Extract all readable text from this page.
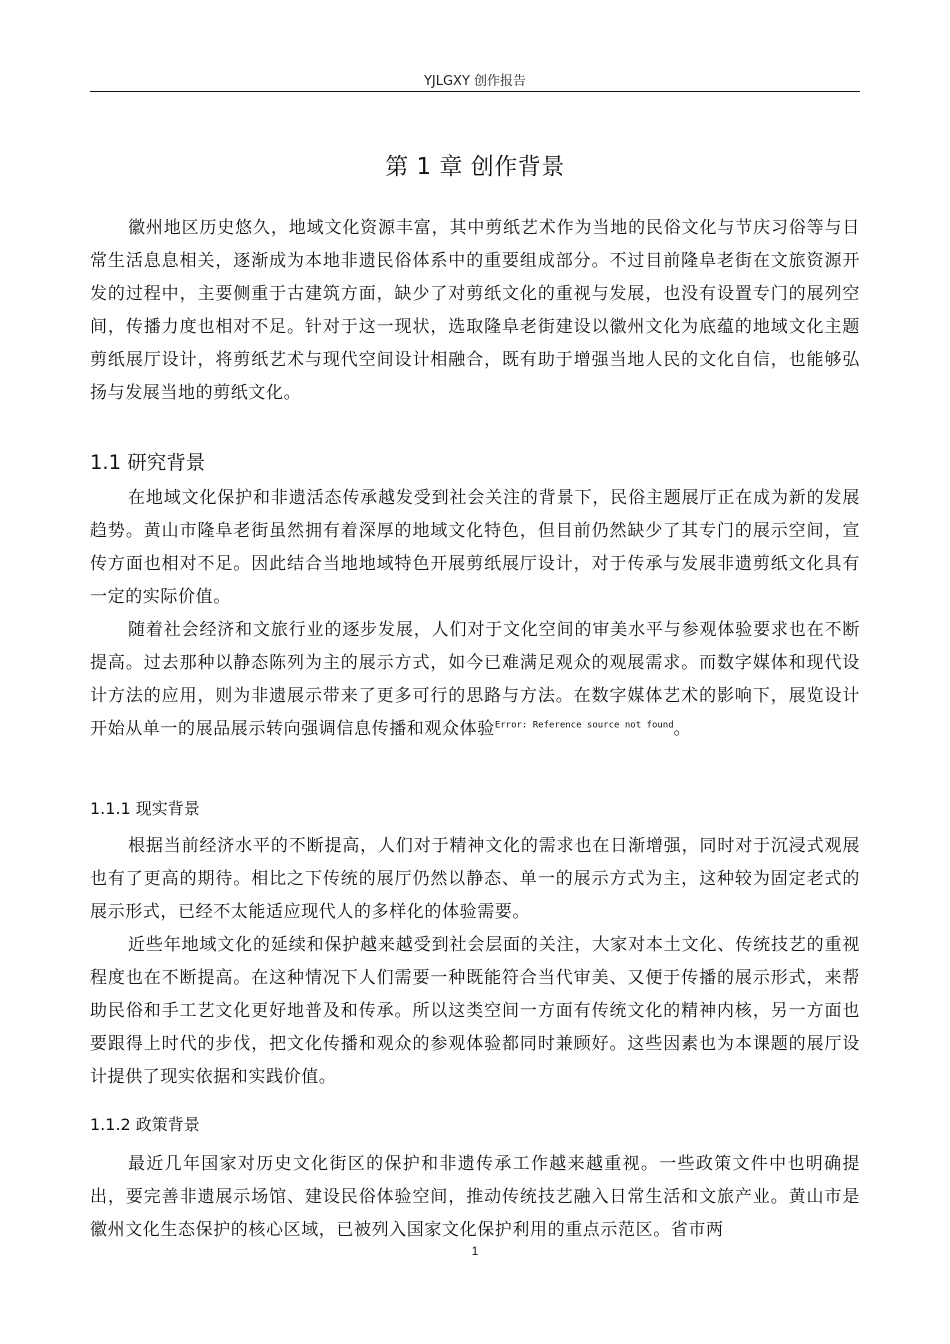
YJLGXY 创作报告
第 1 章 创作背景

徽州地区历史悠久，地域文化资源丰富，其中剪纸艺术作为当地的民俗文化与节庆习俗等与日常生活息息相关，逐渐成为本地非遗民俗体系中的重要组成部分。不过目前隆阜老街在文旅资源开发的过程中，主要侧重于古建筑方面，缺少了对剪纸文化的重视与发展，也没有设置专门的展列空间，传播力度也相对不足。针对于这一现状，选取隆阜老街建设以徽州文化为底蕴的地域文化主题剪纸展厅设计，将剪纸艺术与现代空间设计相融合，既有助于增强当地人民的文化自信，也能够弘扬与发展当地的剪纸文化。

1.1 研究背景

在地域文化保护和非遗活态传承越发受到社会关注的背景下，民俗主题展厅正在成为新的发展趋势。黄山市隆阜老街虽然拥有着深厚的地域文化特色，但目前仍然缺少了其专门的展示空间，宣传方面也相对不足。因此结合当地地域特色开展剪纸展厅设计，对于传承与发展非遗剪纸文化具有一定的实际价值。

随着社会经济和文旅行业的逐步发展，人们对于文化空间的审美水平与参观体验要求也在不断提高。过去那种以静态陈列为主的展示方式，如今已难满足观众的观展需求。而数字媒体和现代设计方法的应用，则为非遗展示带来了更多可行的思路与方法。在数字媒体艺术的影响下，展览设计开始从单一的展品展示转向强调信息传播和观众体验$^{Error: Reference source not found}$。

1.1.1 现实背景

根据当前经济水平的不断提高，人们对于精神文化的需求也在日渐增强，同时对于沉浸式观展也有了更高的期待。相比之下传统的展厅仍然以静态、单一的展示方式为主，这种较为固定老式的展示形式，已经不太能适应现代人的多样化的体验需要。

近些年地域文化的延续和保护越来越受到社会层面的关注，大家对本土文化、传统技艺的重视程度也在不断提高。在这种情况下人们需要一种既能符合当代审美、又便于传播的展示形式，来帮助民俗和手工艺文化更好地普及和传承。所以这类空间一方面有传统文化的精神内核，另一方面也要跟得上时代的步伐，把文化传播和观众的参观体验都同时兼顾好。这些因素也为本课题的展厅设计提供了现实依据和实践价值。

1.1.2 政策背景

最近几年国家对历史文化街区的保护和非遗传承工作越来越重视。一些政策文件中也明确提出，要完善非遗展示场馆、建设民俗体验空间，推动传统技艺融入日常生活和文旅产业。黄山市是徽州文化生态保护的核心区域，已被列入国家文化保护利用的重点示范区。省市两

1
